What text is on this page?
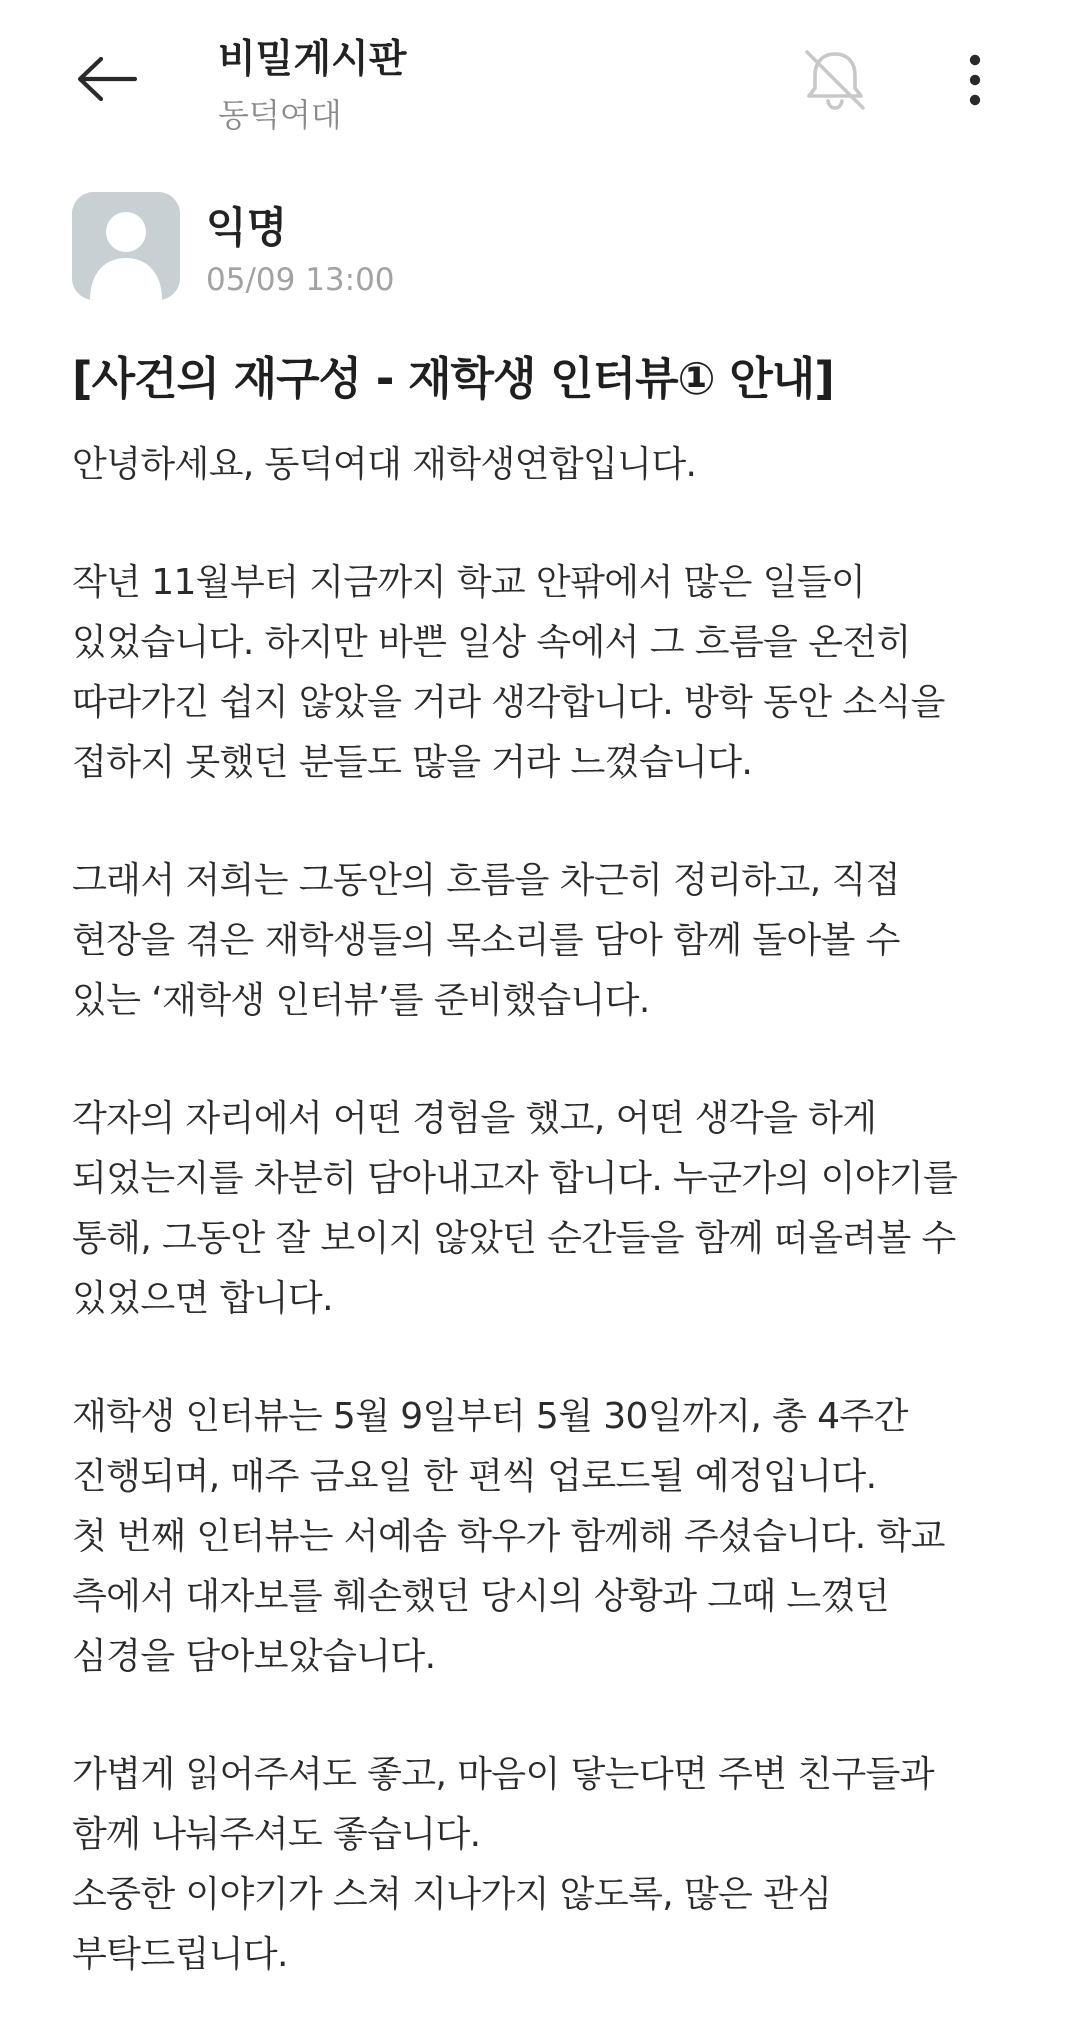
비밀게시판
동덕여대
익명
05/09 13:00
[사건의 재구성 - 재학생 인터뷰① 안내]
안녕하세요, 동덕여대 재학생연합입니다.
작년 11월부터 지금까지 학교 안팎에서 많은 일들이
있었습니다. 하지만 바쁜 일상 속에서 그 흐름을 온전히
따라가긴 쉽지 않았을 거라 생각합니다. 방학 동안 소식을
접하지 못했던 분들도 많을 거라 느꼈습니다.
그래서 저희는 그동안의 흐름을 차근히 정리하고, 직접
현장을 겪은 재학생들의 목소리를 담아 함께 돌아볼 수
있는 ‘재학생 인터뷰’를 준비했습니다.
각자의 자리에서 어떤 경험을 했고, 어떤 생각을 하게
되었는지를 차분히 담아내고자 합니다. 누군가의 이야기를
통해, 그동안 잘 보이지 않았던 순간들을 함께 떠올려볼 수
있었으면 합니다.
재학생 인터뷰는 5월 9일부터 5월 30일까지, 총 4주간
진행되며, 매주 금요일 한 편씩 업로드될 예정입니다.
첫 번째 인터뷰는 서예솜 학우가 함께해 주셨습니다. 학교
측에서 대자보를 훼손했던 당시의 상황과 그때 느꼈던
심경을 담아보았습니다.
가볍게 읽어주셔도 좋고, 마음이 닿는다면 주변 친구들과
함께 나눠주셔도 좋습니다.
소중한 이야기가 스쳐 지나가지 않도록, 많은 관심
부탁드립니다.
